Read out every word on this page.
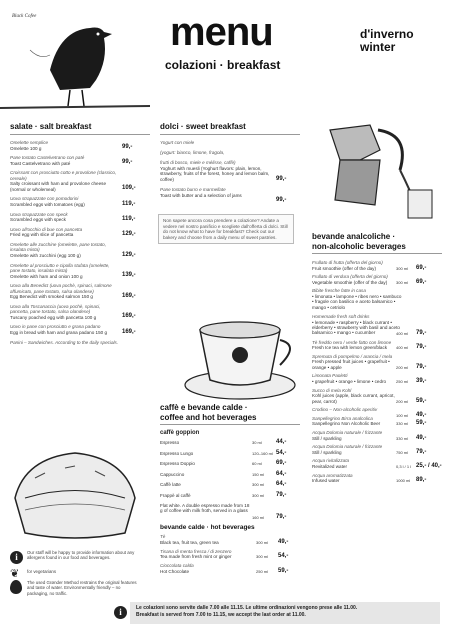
Black Cofee	menu
colazioni · breakfast
d'inverno
winter
salate · salt breakfast
i	Our staff will be happy to provide information about any allergens found in our food and beverages.
❦ for vegetarians
The used Grønder Method restrains the original features and taste of water. Environmentally friendly – no packaging, no traffic.
dolci · sweet breakfast
Non sapete ancora cosa prendere a colazione? Andate a vedere nel nostro panificio e scegliete dall'offerta di dolci. Still do not know what to have for breakfast? Check out our bakery and choose from a daily menu of sweet pastries.
caffè e bevande calde ·
coffee and hot beverages
caffè goppion
bevande calde · hot beverages
bevande analcoliche ·
non-alcoholic beverages
i	Le colazioni sono servite dalle 7.00 alle 11.15. Le ultime ordinazioni vengono prese alle 11.00.
Breakfast is served from 7.00 to 11.15, we accept the last order at 11.00.
Omelette semplice
Omelette 100 g	99,-
Pane tostato Castelvetrano con paté
Toast Castelvetrano with paté	99,-
Croissant con prosciutto cotto e provolone (classico, cereale)
Salty croissant with ham and provolone cheese (normal or wholemeal)	109,-
Uova strapazzate con pomodorini
Scrambled eggs with tomatoes (egg)	119,-
Uova strapazzate con speck
Scrambled eggs with speck	119,-
Uovo all'occhio di bue con pancetta
Fried egg with slice of pancetta	129,-
Omelette alle zucchine (omelette, pane tostato, insalata mista)
Omelette with zucchini (egg 100 g)	129,-
Omelette al prosciutto e cipolla stufata (omelette, pane tostato, insalata mista)
Omelette with ham and onion 100 g	139,-
Uova alla Benedict (uova pochè, spinaci, salmone affumicato, pane tostato, salsa olandese)
Egg Benedict with smoked salmon 150 g	169,-
Uova alla Toscanaccia (uova pochè, spinaci, pancetta, pane tostato, salsa olandese)
Tuscany poached egg with pancetta 100 g	169,-
Uovo in pane con prosciutto e grana padano
Egg in bread with ham and grana padano 150 g	169,-
Panini – Sandwiches. According to the daily specials.
Yogurt con miele
(yogurt: bianco, limone, fragola,
frutti di bosco, miele e mélisse, caffè)
Yoghurt with muesli (Yoghurt flavors: plain, lemon, strawberry, fruits of the forest, honey and lemon balm, coffee)	99,-
Pane tostato burro e marmellate
Toast with butter and a selection of jams
99,-
Espresso	30 ml 44,-
Espresso Lungo	120–160 ml 54,-
Espresso Doppio	60 ml 69,-
Cappuccino	150 ml 64,-
Caffè latte	300 ml 64,-
Frappè al caffè	300 ml 79,-
Flat white. A double espresso made from 18 g of coffee with milk froth, served in a glass
160 ml 79,-
Tè
Black tea, fruit tea, green tea	300 ml 49,-
Tisana di menta fresca / di zenzero
Tea made from fresh mint or ginger	300 ml 54,-
Cioccolata calda
Hot Chocolate	250 ml 59,-
Frullato di frutta (offerta del giorno)
Fruit smoothie (offer of the day)	300 ml 69,-
Frullato di verdura (offerta del giorno)
Vegetable smoothie (offer of the day)	300 ml 69,-
Bibite fresche fatte in casa
• limonata • lampone • ribes nero • sambuco • fragole con basilico e aceto balsamico • mango • cetriolo
Homemade fresh soft drinks
• lemonade • raspberry • black currant • elderberry • strawberry with basil and aceto balsamico • mango • cucumber	400 ml 79,-
Tè freddo nero / verde fatto con limone
Fresh Ice tea with lemon green/black	400 ml 79,-
Spremuta di pompelmo / arancia / mela
Fresh pressed fruit juices • grapefruit • orange • apple	200 ml 79,-
Limonata Paoletti
• grapefruit • orange • limone • cedro	250 ml 39,-
Succo di mela Kohl
Kohl juices (apple, black currant, apricot, pear, carrot)	200 ml 59,-
Crodino – Non-alcoholic aperitiv
100 ml 49,-
Sanpellegrino Birra analcolica
Sanpellegrino Non Alcoholic Beer	330 ml 59,-
Acqua Dolomia naturale / frizzante
Still / sparkling	330 ml 49,-
Acqua Dolomia naturale / frizzante
Still / sparkling	750 ml 79,-
Acqua rivitalizzata
Revitalized water	0,3 l / 1 l 25,- / 40,-
Acqua aromatizzata
Infused water	1000 ml 89,-
